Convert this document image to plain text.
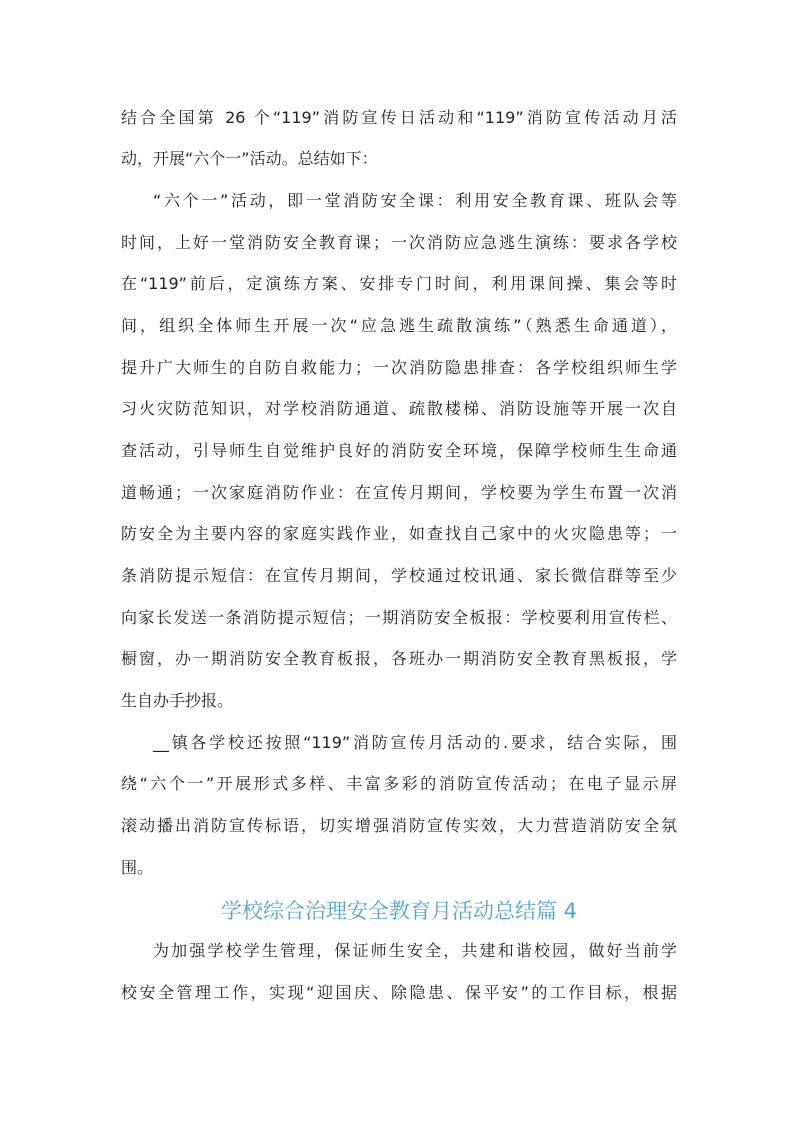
结合全国第 26 个“119”消防宣传日活动和“119”消防宣传活动月活
动，开展“六个一”活动。总结如下：
“六个一”活动，即一堂消防安全课：利用安全教育课、班队会等
时间，上好一堂消防安全教育课；一次消防应急逃生演练：要求各学校
在“119”前后，定演练方案、安排专门时间，利用课间操、集会等时
间，组织全体师生开展一次“应急逃生疏散演练”（熟悉生命通道），
提升广大师生的自防自救能力；一次消防隐患排查：各学校组织师生学
习火灾防范知识，对学校消防通道、疏散楼梯、消防设施等开展一次自
查活动，引导师生自觉维护良好的消防安全环境，保障学校师生生命通
道畅通；一次家庭消防作业：在宣传月期间，学校要为学生布置一次消
防安全为主要内容的家庭实践作业，如查找自己家中的火灾隐患等；一
条消防提示短信：在宣传月期间，学校通过校讯通、家长微信群等至少
向家长发送一条消防提示短信；一期消防安全板报：学校要利用宣传栏、
橱窗，办一期消防安全教育板报，各班办一期消防安全教育黑板报，学
生自办手抄报。
__镇各学校还按照“119”消防宣传月活动的.要求，结合实际，围
绕“六个一”开展形式多样、丰富多彩的消防宣传活动；在电子显示屏
滚动播出消防宣传标语，切实增强消防宣传实效，大力营造消防安全氛
围。
学校综合治理安全教育月活动总结篇 4
为加强学校学生管理，保证师生安全，共建和谐校园，做好当前学
校安全管理工作，实现“迎国庆、除隐患、保平安”的工作目标，根据
